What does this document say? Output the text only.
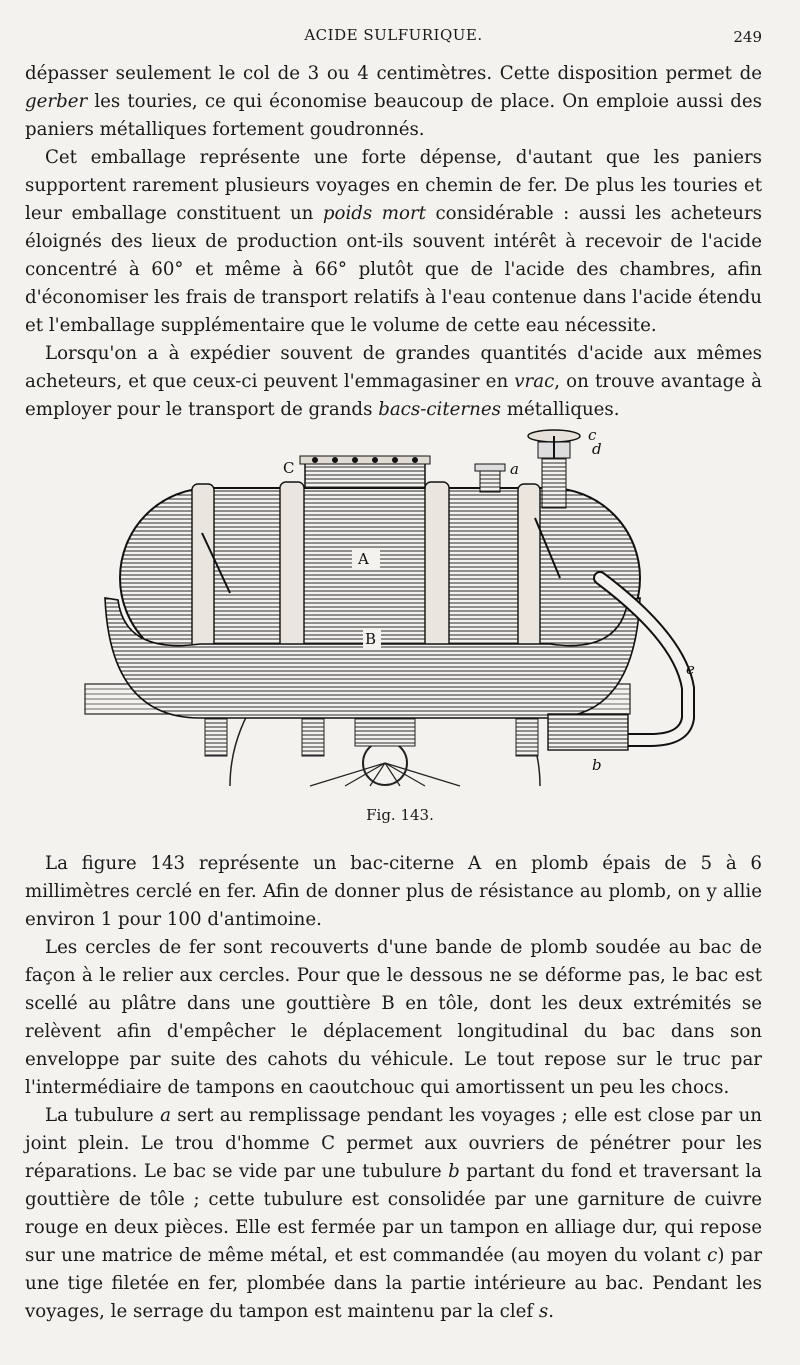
ACIDE SULFURIQUE.	249

dépasser seulement le col de 3 ou 4 centimètres. Cette disposition permet de gerber les touries, ce qui économise beaucoup de place. On emploie aussi des paniers métalliques fortement goudronnés.

Cet emballage représente une forte dépense, d'autant que les paniers supportent rarement plusieurs voyages en chemin de fer. De plus les touries et leur emballage constituent un poids mort considérable : aussi les acheteurs éloignés des lieux de production ont-ils souvent intérêt à recevoir de l'acide concentré à 60° et même à 66° plutôt que de l'acide des chambres, afin d'économiser les frais de transport relatifs à l'eau contenue dans l'acide étendu et l'emballage supplémentaire que le volume de cette eau nécessite.

Lorsqu'on a à expédier souvent de grandes quantités d'acide aux mêmes acheteurs, et que ceux-ci peuvent l'emmagasiner en vrac, on trouve avantage à employer pour le transport de grands bacs-citernes métalliques.

A
B
C	a
b
c
d
e
Fig. 143.

La figure 143 représente un bac-citerne A en plomb épais de 5 à 6 millimètres cerclé en fer. Afin de donner plus de résistance au plomb, on y allie environ 1 pour 100 d'antimoine.

Les cercles de fer sont recouverts d'une bande de plomb soudée au bac de façon à le relier aux cercles. Pour que le dessous ne se déforme pas, le bac est scellé au plâtre dans une gouttière B en tôle, dont les deux extrémités se relèvent afin d'empêcher le déplacement longitudinal du bac dans son enveloppe par suite des cahots du véhicule. Le tout repose sur le truc par l'intermédiaire de tampons en caoutchouc qui amortissent un peu les chocs.

La tubulure a sert au remplissage pendant les voyages ; elle est close par un joint plein. Le trou d'homme C permet aux ouvriers de pénétrer pour les réparations. Le bac se vide par une tubulure b partant du fond et traversant la gouttière de tôle ; cette tubulure est consolidée par une garniture de cuivre rouge en deux pièces. Elle est fermée par un tampon en alliage dur, qui repose sur une matrice de même métal, et est commandée (au moyen du volant c) par une tige filetée en fer, plombée dans la partie intérieure au bac. Pendant les voyages, le serrage du tampon est maintenu par la clef s.
